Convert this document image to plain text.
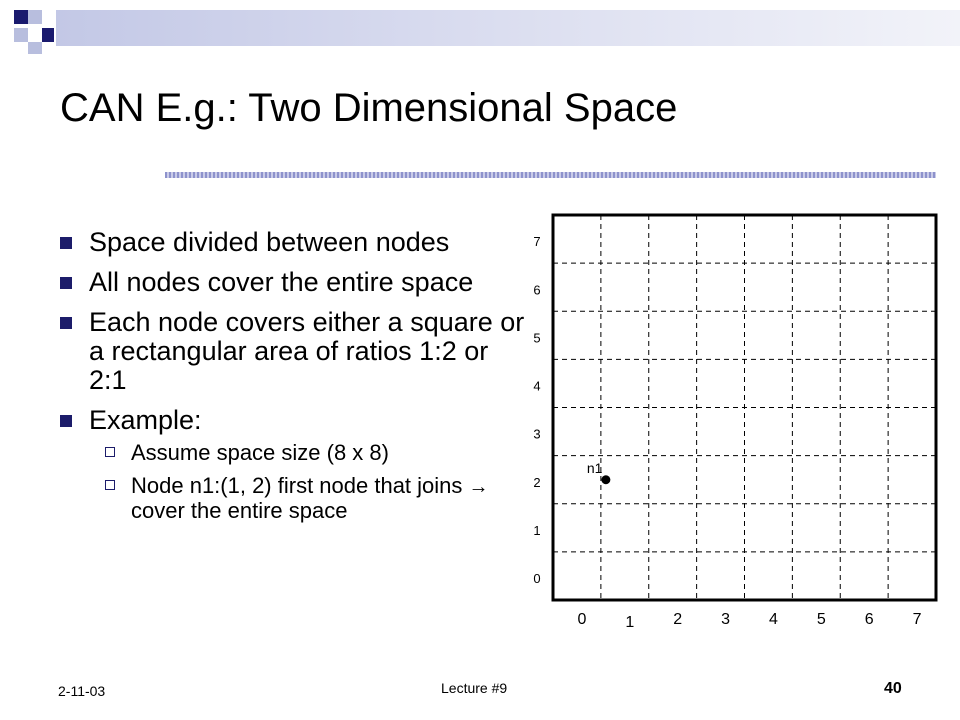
CAN E.g.: Two Dimensional Space
Space divided between nodes
All nodes cover the entire space
Each node covers either a square or a rectangular area of ratios 1:2 or 2:1
Example:
Assume space size (8 x 8)
Node n1:(1, 2) first node that joins → cover the entire space
0
1
2
3
4
5
6
7
0 1 2 3 4 5 6 7
n1
2-11-03	Lecture #9	40
